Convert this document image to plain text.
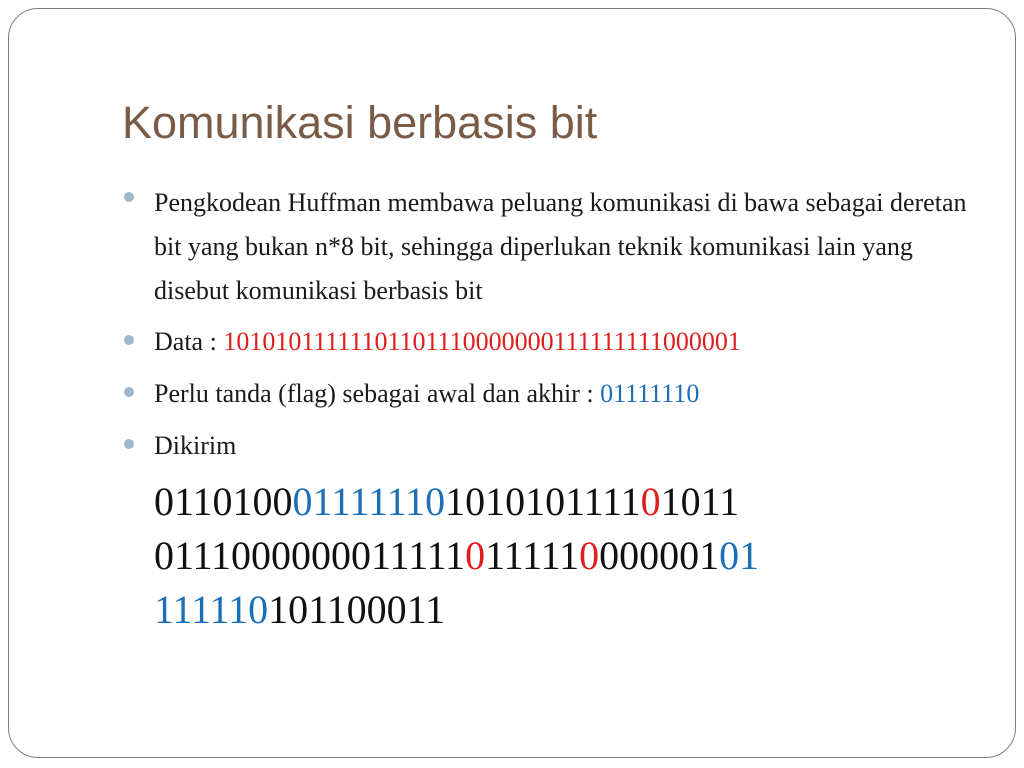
Komunikasi berbasis bit
Pengkodean Huffman membawa peluang komunikasi di bawa sebagai deretan bit yang bukan n*8 bit, sehingga diperlukan teknik komunikasi lain yang disebut komunikasi berbasis bit
Data : 10101011111101101110000000111111111000001
Perlu tanda (flag) sebagai awal dan akhir : 01111110
Dikirim
011010001111110101010111101011
0111000000011111011111000000101
111110101100011
